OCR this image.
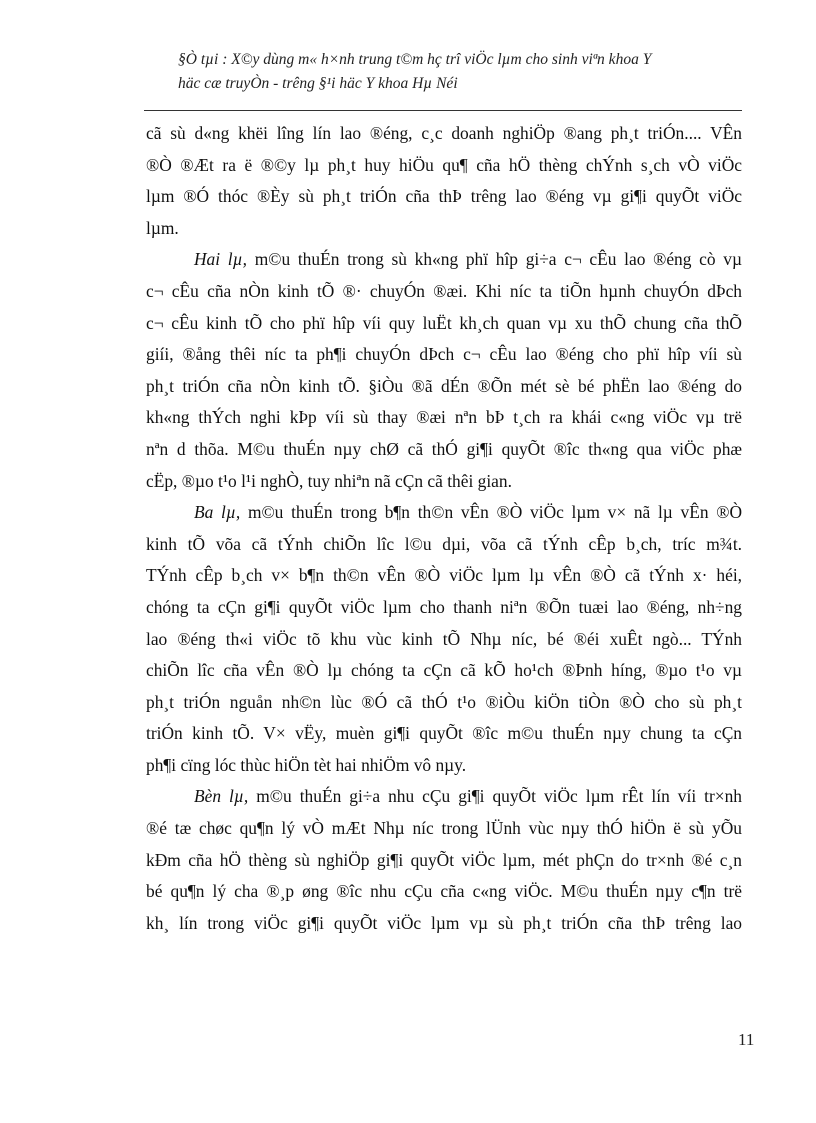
§Ò tµi : X©y dùng m« h×nh trung t©m hç trî viÖc lµm cho sinh viªn khoa Y
häc cæ truyÒn - trêng §¹i häc Y khoa Hµ Néi
cã sù d«ng khëi lîng lín lao ®éng, c¸c doanh nghiÖp ®ang ph¸t triÓn.... VÊn
®Ò ®Æt ra ë ®©y lµ ph¸t huy hiÖu qu¶ cña hÖ thèng chÝnh s¸ch vÒ viÖc
lµm ®Ó thóc ®Èy sù ph¸t triÓn cña thÞ trêng lao ®éng vµ gi¶i quyÕt viÖc
lµm.
Hai lµ, m©u thuÉn trong sù kh«ng phï hîp gi÷a c¬ cÊu lao ®éng cò vµ
c¬ cÊu cña nÒn kinh tÕ ®· chuyÓn ®æi. Khi níc ta tiÕn hµnh chuyÓn dÞch
c¬ cÊu kinh tÕ cho phï hîp víi quy luËt kh¸ch quan vµ xu thÕ chung cña thÕ
giíi, ®ång thêi níc ta ph¶i chuyÓn dÞch c¬ cÊu lao ®éng cho phï hîp víi sù
ph¸t triÓn cña nÒn kinh tÕ. §iÒu ®ã dÉn ®Õn mét sè bé phËn lao ®éng do
kh«ng thÝch nghi kÞp víi sù thay ®æi nªn bÞ t¸ch ra khái c«ng viÖc vµ trë
nªn d thõa. M©u thuÉn nµy chØ cã thÓ gi¶i quyÕt ®îc th«ng qua viÖc phæ
cËp, ®µo t¹o l¹i nghÒ, tuy nhiªn nã cÇn cã thêi gian.
Ba lµ, m©u thuÉn trong b¶n th©n vÊn ®Ò viÖc lµm v× nã lµ vÊn ®Ò
kinh tÕ võa cã tÝnh chiÕn lîc l©u dµi, võa cã tÝnh cÊp b¸ch, tríc m¾t.
TÝnh cÊp b¸ch v× b¶n th©n vÊn ®Ò viÖc lµm lµ vÊn ®Ò cã tÝnh x· héi,
chóng ta cÇn gi¶i quyÕt viÖc lµm cho thanh niªn ®Õn tuæi lao ®éng, nh÷ng
lao ®éng th«i viÖc tõ khu vùc kinh tÕ Nhµ níc, bé ®éi xuÊt ngò... TÝnh
chiÕn lîc cña vÊn ®Ò lµ chóng ta cÇn cã kÕ ho¹ch ®Þnh híng, ®µo t¹o vµ
ph¸t triÓn nguån nh©n lùc ®Ó cã thÓ t¹o ®iÒu kiÖn tiÒn ®Ò cho sù ph¸t
triÓn kinh tÕ. V× vËy, muèn gi¶i quyÕt ®îc m©u thuÉn nµy chung ta cÇn
ph¶i cïng lóc thùc hiÖn tèt hai nhiÖm vô nµy.
Bèn lµ, m©u thuÉn gi÷a nhu cÇu gi¶i quyÕt viÖc lµm rÊt lín víi tr×nh
®é tæ chøc qu¶n lý vÒ mÆt Nhµ níc trong lÜnh vùc nµy thÓ hiÖn ë sù yÕu
kÐm cña hÖ thèng sù nghiÖp gi¶i quyÕt viÖc lµm, mét phÇn do tr×nh ®é c¸n
bé qu¶n lý cha ®¸p øng ®îc nhu cÇu cña c«ng viÖc. M©u thuÉn nµy c¶n trë
kh¸ lín trong viÖc gi¶i quyÕt viÖc lµm vµ sù ph¸t triÓn cña thÞ trêng lao
11
